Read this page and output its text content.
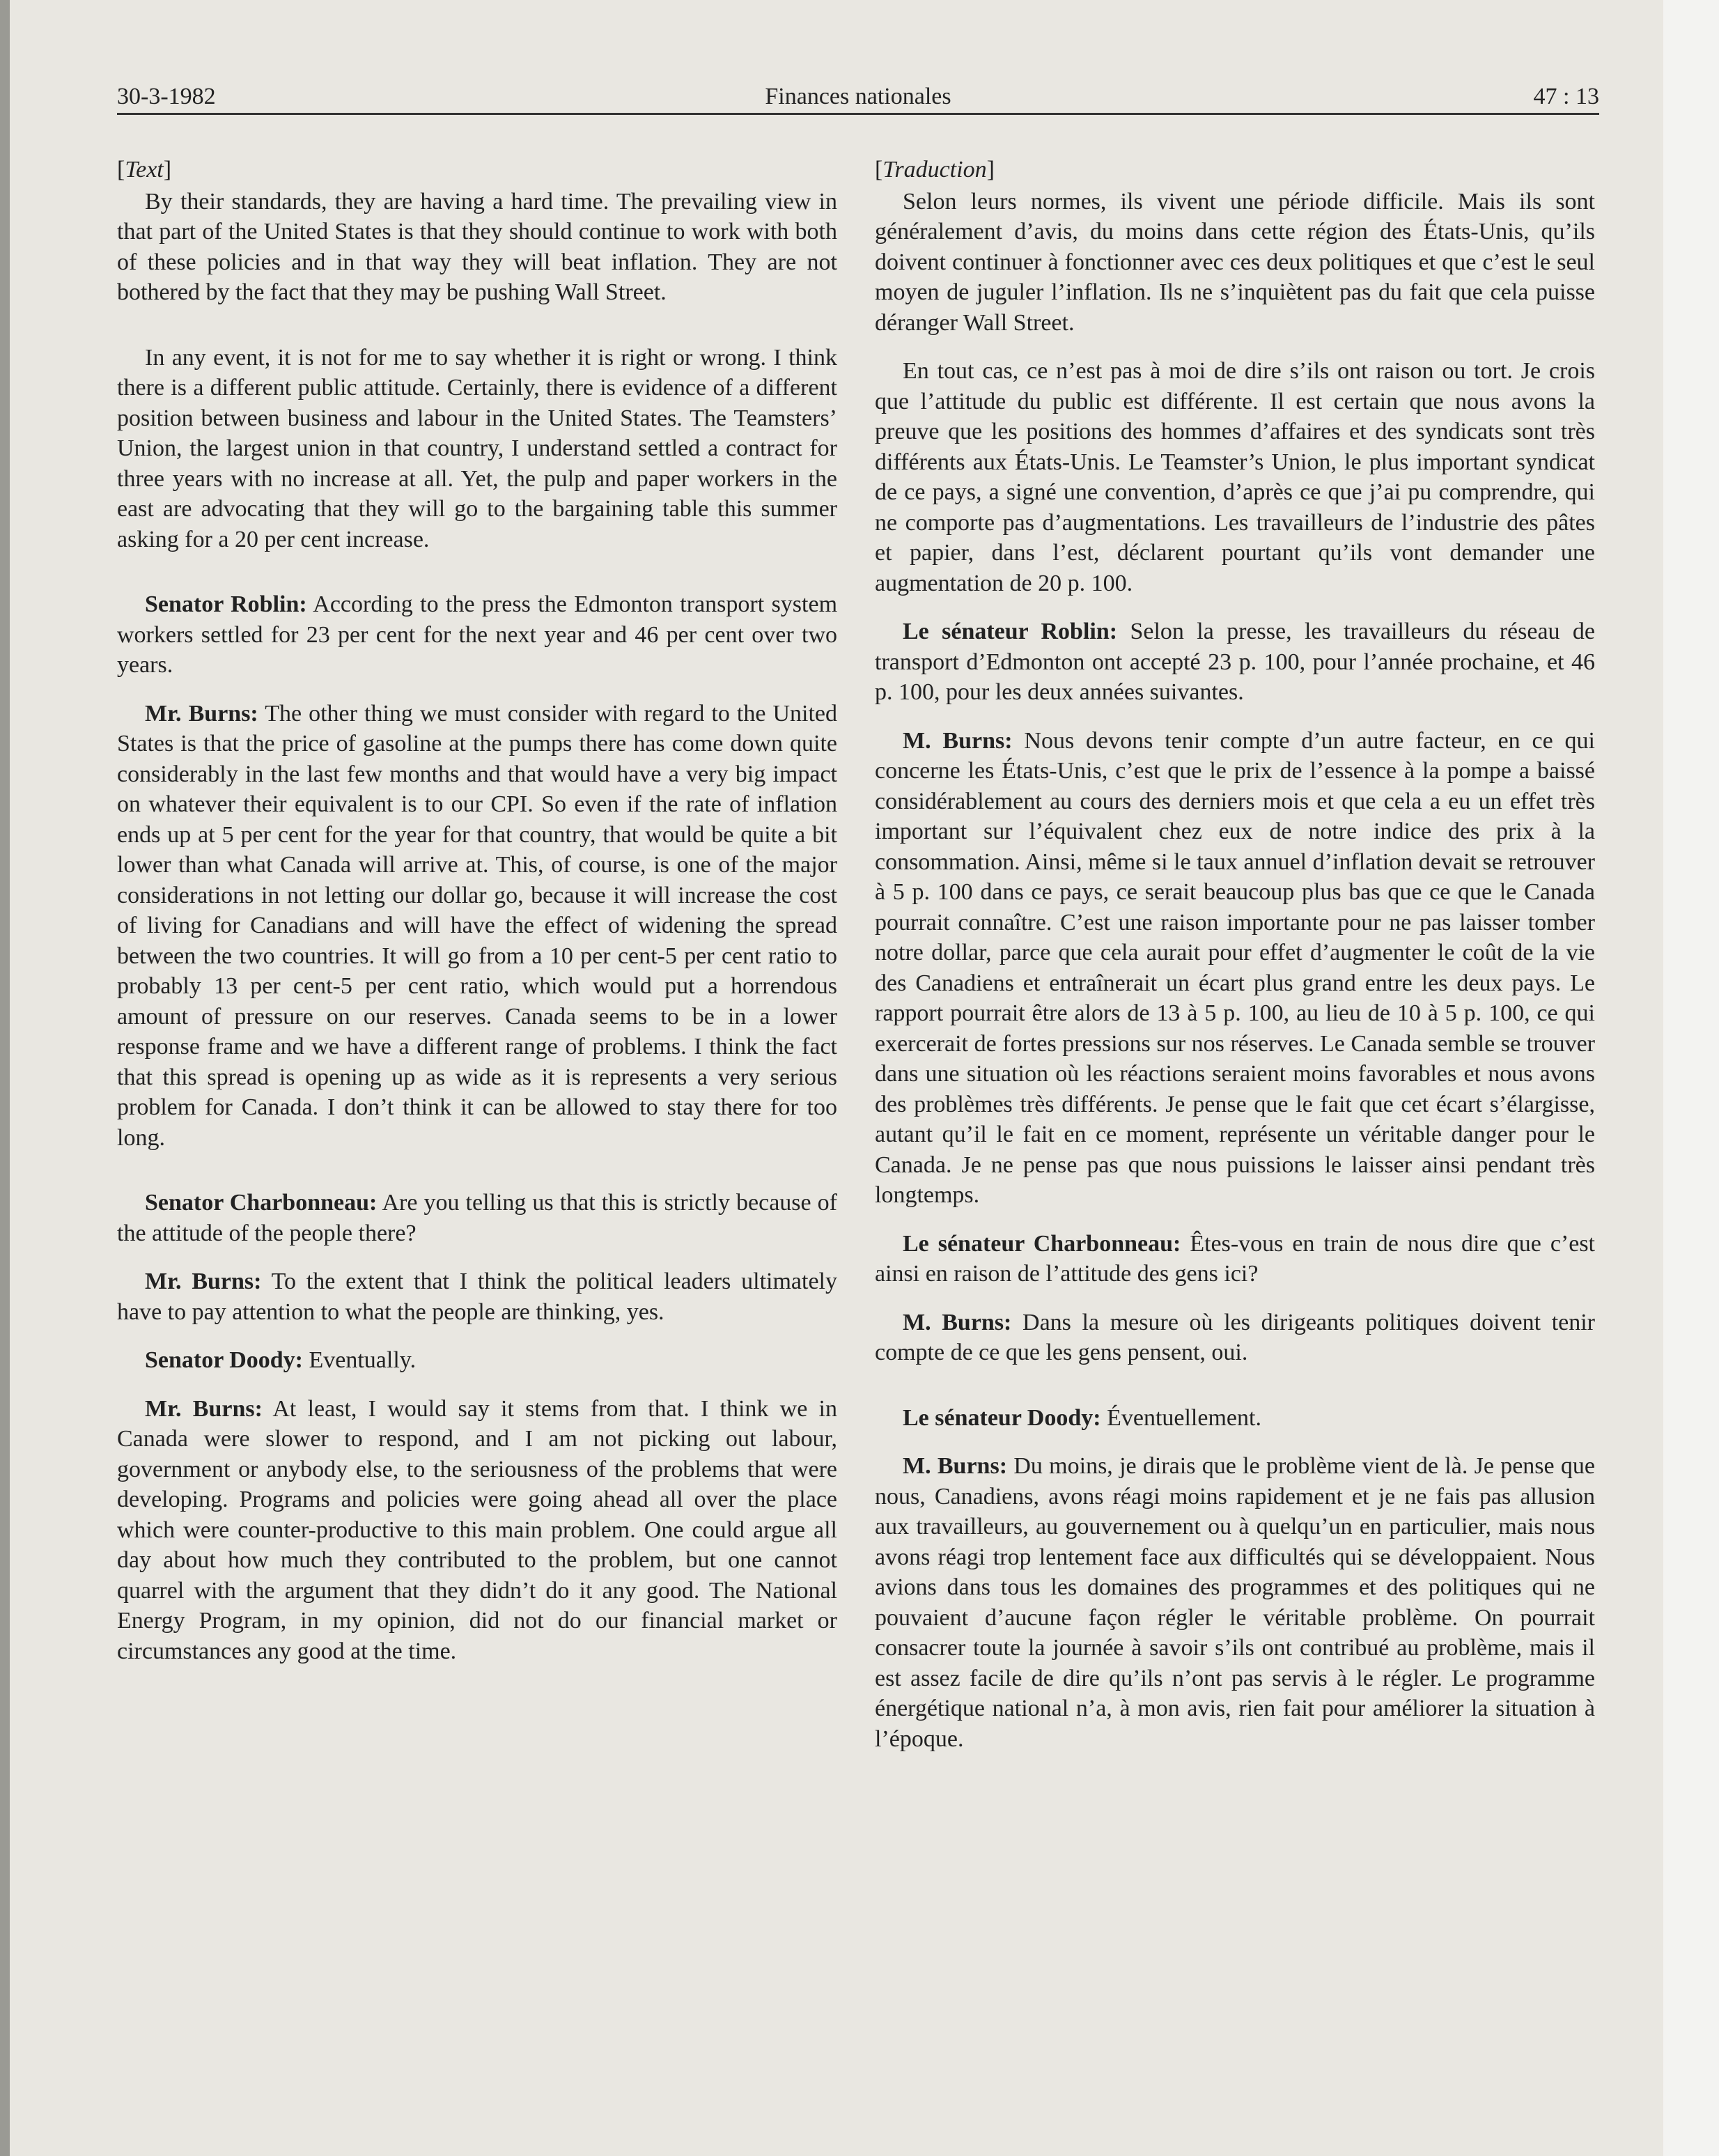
30-3-1982	Finances nationales	47 : 13

[Text]

By their standards, they are having a hard time. The prevailing view in that part of the United States is that they should continue to work with both of these policies and in that way they will beat inflation. They are not bothered by the fact that they may be pushing Wall Street.

In any event, it is not for me to say whether it is right or wrong. I think there is a different public attitude. Certainly, there is evidence of a different position between business and labour in the United States. The Teamsters’ Union, the largest union in that country, I understand settled a contract for three years with no increase at all. Yet, the pulp and paper workers in the east are advocating that they will go to the bargaining table this summer asking for a 20 per cent increase.

Senator Roblin: According to the press the Edmonton transport system workers settled for 23 per cent for the next year and 46 per cent over two years.

Mr. Burns: The other thing we must consider with regard to the United States is that the price of gasoline at the pumps there has come down quite considerably in the last few months and that would have a very big impact on whatever their equivalent is to our CPI. So even if the rate of inflation ends up at 5 per cent for the year for that country, that would be quite a bit lower than what Canada will arrive at. This, of course, is one of the major considerations in not letting our dollar go, because it will increase the cost of living for Canadians and will have the effect of widening the spread between the two countries. It will go from a 10 per cent-5 per cent ratio to probably 13 per cent-5 per cent ratio, which would put a horrendous amount of pressure on our reserves. Canada seems to be in a lower response frame and we have a different range of problems. I think the fact that this spread is opening up as wide as it is represents a very serious problem for Canada. I don’t think it can be allowed to stay there for too long.

Senator Charbonneau: Are you telling us that this is strictly because of the attitude of the people there?

Mr. Burns: To the extent that I think the political leaders ultimately have to pay attention to what the people are thinking, yes.

Senator Doody: Eventually.

Mr. Burns: At least, I would say it stems from that. I think we in Canada were slower to respond, and I am not picking out labour, government or anybody else, to the seriousness of the problems that were developing. Programs and policies were going ahead all over the place which were counter-productive to this main problem. One could argue all day about how much they contributed to the problem, but one cannot quarrel with the argument that they didn’t do it any good. The National Energy Program, in my opinion, did not do our financial market or circumstances any good at the time.

[Traduction]

Selon leurs normes, ils vivent une période difficile. Mais ils sont généralement d’avis, du moins dans cette région des États-Unis, qu’ils doivent continuer à fonctionner avec ces deux politiques et que c’est le seul moyen de juguler l’inflation. Ils ne s’inquiètent pas du fait que cela puisse déranger Wall Street.

En tout cas, ce n’est pas à moi de dire s’ils ont raison ou tort. Je crois que l’attitude du public est différente. Il est certain que nous avons la preuve que les positions des hommes d’affaires et des syndicats sont très différents aux États-Unis. Le Teamster’s Union, le plus important syndicat de ce pays, a signé une convention, d’après ce que j’ai pu comprendre, qui ne comporte pas d’augmentations. Les travailleurs de l’industrie des pâtes et papier, dans l’est, déclarent pourtant qu’ils vont demander une augmentation de 20 p. 100.

Le sénateur Roblin: Selon la presse, les travailleurs du réseau de transport d’Edmonton ont accepté 23 p. 100, pour l’année prochaine, et 46 p. 100, pour les deux années suivantes.

M. Burns: Nous devons tenir compte d’un autre facteur, en ce qui concerne les États-Unis, c’est que le prix de l’essence à la pompe a baissé considérablement au cours des derniers mois et que cela a eu un effet très important sur l’équivalent chez eux de notre indice des prix à la consommation. Ainsi, même si le taux annuel d’inflation devait se retrouver à 5 p. 100 dans ce pays, ce serait beaucoup plus bas que ce que le Canada pourrait connaître. C’est une raison importante pour ne pas laisser tomber notre dollar, parce que cela aurait pour effet d’augmenter le coût de la vie des Canadiens et entraînerait un écart plus grand entre les deux pays. Le rapport pourrait être alors de 13 à 5 p. 100, au lieu de 10 à 5 p. 100, ce qui exercerait de fortes pressions sur nos réserves. Le Canada semble se trouver dans une situation où les réactions seraient moins favorables et nous avons des problèmes très différents. Je pense que le fait que cet écart s’élargisse, autant qu’il le fait en ce moment, représente un véritable danger pour le Canada. Je ne pense pas que nous puissions le laisser ainsi pendant très longtemps.

Le sénateur Charbonneau: Êtes-vous en train de nous dire que c’est ainsi en raison de l’attitude des gens ici?

M. Burns: Dans la mesure où les dirigeants politiques doivent tenir compte de ce que les gens pensent, oui.

Le sénateur Doody: Éventuellement.

M. Burns: Du moins, je dirais que le problème vient de là. Je pense que nous, Canadiens, avons réagi moins rapidement et je ne fais pas allusion aux travailleurs, au gouvernement ou à quelqu’un en particulier, mais nous avons réagi trop lentement face aux difficultés qui se développaient. Nous avions dans tous les domaines des programmes et des politiques qui ne pouvaient d’aucune façon régler le véritable problème. On pourrait consacrer toute la journée à savoir s’ils ont contribué au problème, mais il est assez facile de dire qu’ils n’ont pas servis à le régler. Le programme énergétique national n’a, à mon avis, rien fait pour améliorer la situation à l’époque.
